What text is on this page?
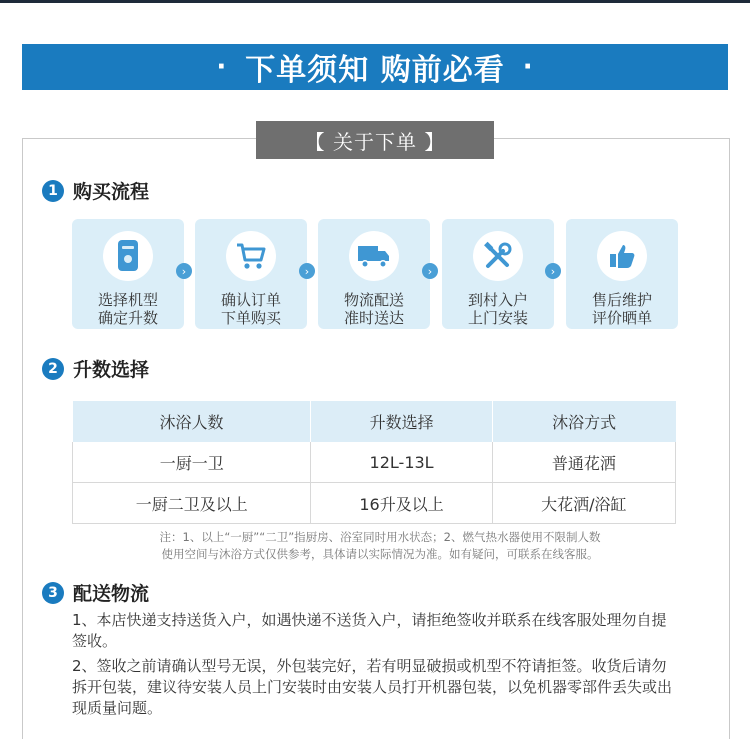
· 下单须知 购前必看 ·
【 关于下单 】
1 购买流程
选择机型
确定升数
›
确认订单
下单购买
›
物流配送
准时送达
›
到村入户
上门安装
›
售后维护
评价晒单
2 升数选择
沐浴人数	升数选择	沐浴方式
一厨一卫	12L-13L	普通花洒
一厨二卫及以上	16升及以上	大花洒/浴缸
注：1、以上“一厨”“二卫”指厨房、浴室同时用水状态；2、燃气热水器使用不限制人数
使用空间与沐浴方式仅供参考，具体请以实际情况为准。如有疑问，可联系在线客服。
3 配送物流
1、本店快递支持送货入户，如遇快递不送货入户，请拒绝签收并联系在线客服处理勿自提签收。
2、签收之前请确认型号无误，外包装完好，若有明显破损或机型不符请拒签。收货后请勿拆开包装，建议待安装人员上门安装时由安装人员打开机器包装，以免机器零部件丢失或出现质量问题。
